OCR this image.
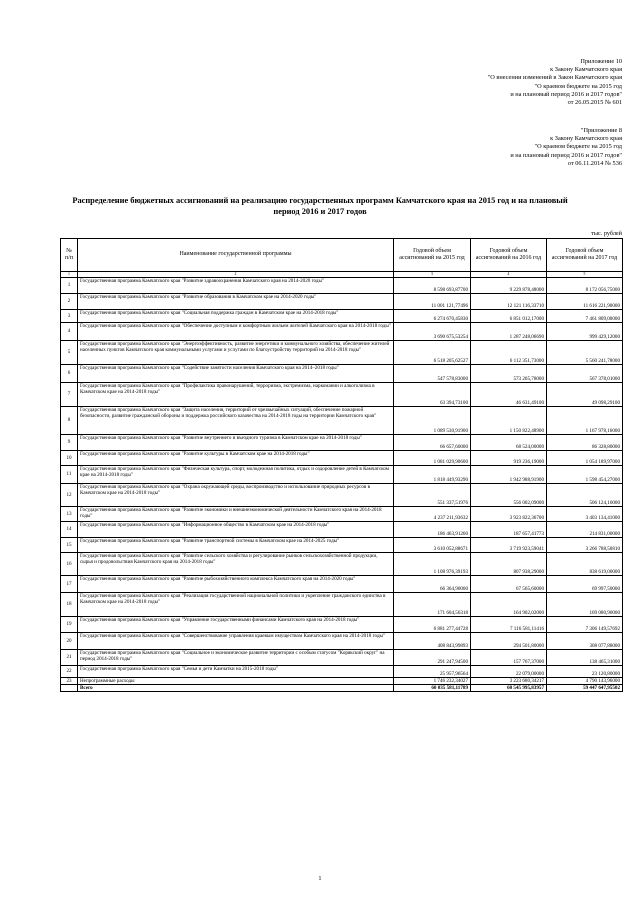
Приложение 10
к Закону Камчатского края
"О внесении изменений в Закон Камчатского края
"О краевом бюджете на 2015 год
и на плановый период 2016 и 2017 годов"
от 26.05.2015 № 601
"Приложение 8
к Закону Камчатского края
"О краевом бюджете на 2015 год
и на плановый период 2016 и 2017 годов"
от 06.11.2014 № 536
Распределение бюджетных ассигнований на реализацию государственных программ Камчатского края на 2015 год и на плановый период 2016 и 2017 годов
тыс. рублей
№ п/п	Наименование государственной программы	Годовой объем ассигнований на 2015 год	Годовой объем ассигнований на 2016 год	Годовой объем ассигнований на 2017 год
1	2	3	4	5
1	Государственная программа Камчатского края "Развитие здравоохранения Камчатского края на 2014-2020 годы"	8 598 693,87700	9 229 878,48000	8 172 056,75000
2	Государственная программа Камчатского края "Развитие образования в Камчатском крае на 2014-2020 годы"	11 001 121,77496	12 121 116,33710	11 616 221,90000
3	Государственная программа Камчатского края "Социальная поддержка граждан в Камчатском крае на 2014-2018 годы"	6 274 670,45830	6 851 012,17000	7 461 809,00000
4	Государственная программа Камчатского края "Обеспечение доступным и комфортным жильем жителей Камчатского края на 2014-2018 годы"	3 690 675,53254	1 287 248,06690	999 429,12000
5	Государственная программа Камчатского края "Энергоэффективность, развитие энергетики и коммунального хозяйства, обеспечение жителей населенных пунктов Камчатского края коммунальными услугами и услугами по благоустройству территорий на 2014-2018 годы"	6 518 205,62527	6 112 351,73000	5 560 241,78000
6	Государственная программа Камчатского края "Содействие занятости населения Камчатского края на 2014–2018 годы"	547 578,83000	573 265,78000	567 378,01000
7	Государственная программа Камчатского края "Профилактика правонарушений, терроризма, экстремизма, наркомании и алкоголизма в Камчатском крае на 2014-2018 годы"	63 394,73100	46 631,49100	49 098,29100
8	Государственная программа Камчатского края "Защита населения, территорий от чрезвычайных ситуаций, обеспечение пожарной безопасности, развитие гражданской обороны и поддержка российского казачества на 2014-2018 годы на территории Камчатского края"	1 089 530,91900	1 150 822,48900	1 167 978,16000
9	Государственная программа Камчатского края "Развитие внутреннего и въездного туризма в Камчатском крае на 2014-2018 годы"	66 657,60000	68 524,00000	86 328,80000
10	Государственная программа Камчатского края "Развитие культуры в Камчатском крае на 2014-2018 годы"	1 081 029,90600	919 236,19000	1 054 189,97000
11	Государственная программа Камчатского края "Физическая культура, спорт, молодежная политика, отдых и оздоровление детей в Камчатском крае на 2014-2018 годы"	1 818 449,93290	1 942 988,91900	1 598 454,27000
12	Государственная программа Камчатского края "Охрана окружающей среды, воспроизводство и использование природных ресурсов в Камчатском крае на 2014-2018 годы"	551 337,51976	556 002,09000	506 124,16000
13	Государственная программа Камчатского края "Развитие экономики и внешнеэкономической деятельности Камчатского края на 2014-2018 годы"	4 237 211,93632	3 923 822,36700	3 403 134,41000
14	Государственная программа Камчатского края "Информационное общество в Камчатском крае на 2014-2018 годы"	186 463,91260	187 657,41773	214 831,00000
15	Государственная программа Камчатского края "Развитие транспортной системы в Камчатском крае на 2014-2025 годы"	3 610 052,88671	3 719 923,59041	3 266 788,50810
16	Государственная программа Камчатского края "Развитие сельского хозяйства и регулирование рынков сельскохозяйственной продукции, сырья и продовольствия Камчатского края на 2014-2018 годы"	1 108 976,39193	807 938,29000	838 619,00000
17	Государственная программа Камчатского края "Развитие рыбохозяйственного комплекса Камчатского края на 2014-2020 годы"	66 364,90000	67 565,60000	69 997,50000
18	Государственная программа Камчатского края "Реализация государственной национальной политики и укрепление гражданского единства в Камчатском крае на 2014-2018 годы"	171 604,56318	164 902,02000	169 080,90000
19	Государственная программа Камчатского края "Управление государственными финансами Камчатского края на 2014-2018 годы"	6 881 277,44728	7 116 581,11416	7 306 149,57692
20	Государственная программа Камчатского края "Совершенствование управления краевым имуществом Камчатского края на 2014-2018 годы"	408 843,99893	294 501,80000	308 077,88000
21	Государственная программа Камчатского края "Социальное и экономическое развитие территории с особым статусом "Корякский округ" на период 2014-2018 годы"	291 247,94500	157 767,37000	138 465,31000
22	Государственная программа Камчатского края "Семья и дети Камчатки на 2015-2018 годы"	25 957,96564	22 079,00000	23 120,80000
23	Непрограммные расходы	1 746 232,34027	3 223 680,34217	4 790 143,96000
	Всего	60 035 581,11789	60 545 995,83957	59 447 647,95502
1
